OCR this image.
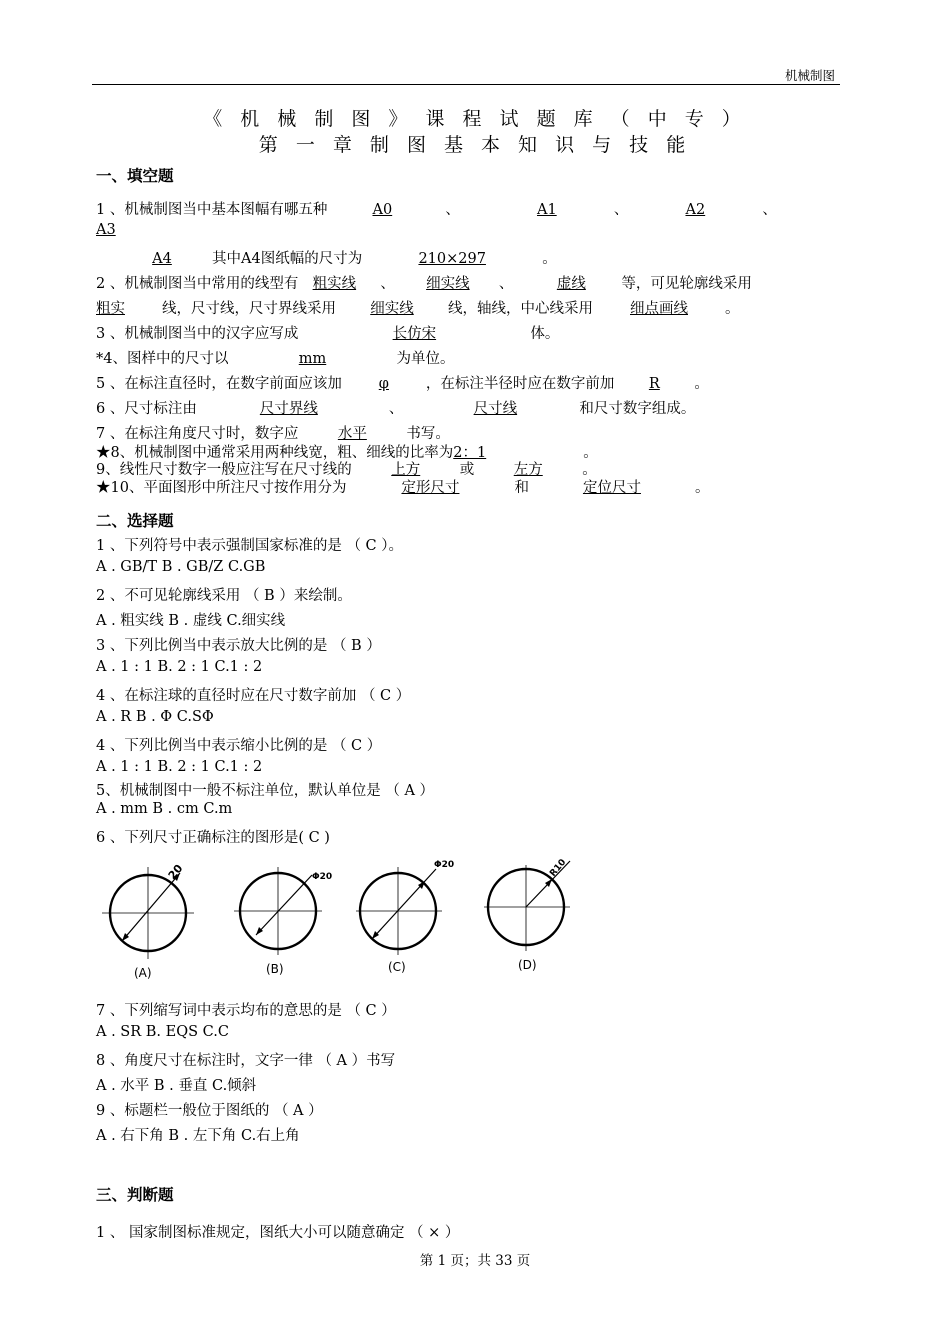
机械制图
《 机 械 制 图 》 课 程 试 题 库 （ 中 专 ）
第 一 章 制 图 基 本 知 识 与 技 能
一、填空题
1 、机械制图当中基本图幅有哪五种	A0	、	A1	、	A2	、
A3
A4	其中A4图纸幅的尺寸为	210×297	。
2 、机械制图当中常用的线型有 粗实线 、 细实线 、	虚线 等，可见轮廓线采用
粗实	线，尺寸线，尺寸界线采用 细实线 线，轴线，中心线采用	细点画线	。
3 、机械制图当中的汉字应写成	长仿宋	体。
*4、图样中的尺寸以	mm	为单位。
5 、在标注直径时，在数字前面应该加	φ	，在标注半径时应在数字前加 R 。
6 、尺寸标注由	尺寸界线	、	尺寸线	和尺寸数字组成。
7 、在标注角度尺寸时，数字应	水平	书写。
★8、机械制图中通常采用两种线宽，粗、细线的比率为2：1	。
9、线性尺寸数字一般应注写在尺寸线的	上方	或	左方	。
★10、平面图形中所注尺寸按作用分为	定形尺寸	和	定位尺寸	。
二、选择题
1 、下列符号中表示强制国家标准的是 （ C ）。
A . GB/T B . GB/Z C.GB
2 、不可见轮廓线采用 （ B ）来绘制。
A . 粗实线 B . 虚线 C.细实线
3 、下列比例当中表示放大比例的是 （ B ）
A . 1 : 1 B. 2 : 1 C.1 : 2
4 、在标注球的直径时应在尺寸数字前加 （ C ）
A . R B . Φ C.SΦ
4 、下列比例当中表示缩小比例的是 （ C ）
A . 1 : 1 B. 2 : 1 C.1 : 2
5、机械制图中一般不标注单位，默认单位是 （ A ）
A . mm B . cm C.m
6 、下列尺寸正确标注的图形是( C )
20
(A)
Φ20
(B)
Φ20
(C)
R10
(D)
7 、下列缩写词中表示均布的意思的是 （ C ）
A . SR B. EQS C.C
8 、角度尺寸在标注时，文字一律 （ A ）书写
A . 水平 B . 垂直 C.倾斜
9 、标题栏一般位于图纸的 （ A ）
A . 右下角 B . 左下角 C.右上角
三、判断题
1 、 国家制图标准规定，图纸大小可以随意确定 （ × ）
第 1 页；共 33 页
